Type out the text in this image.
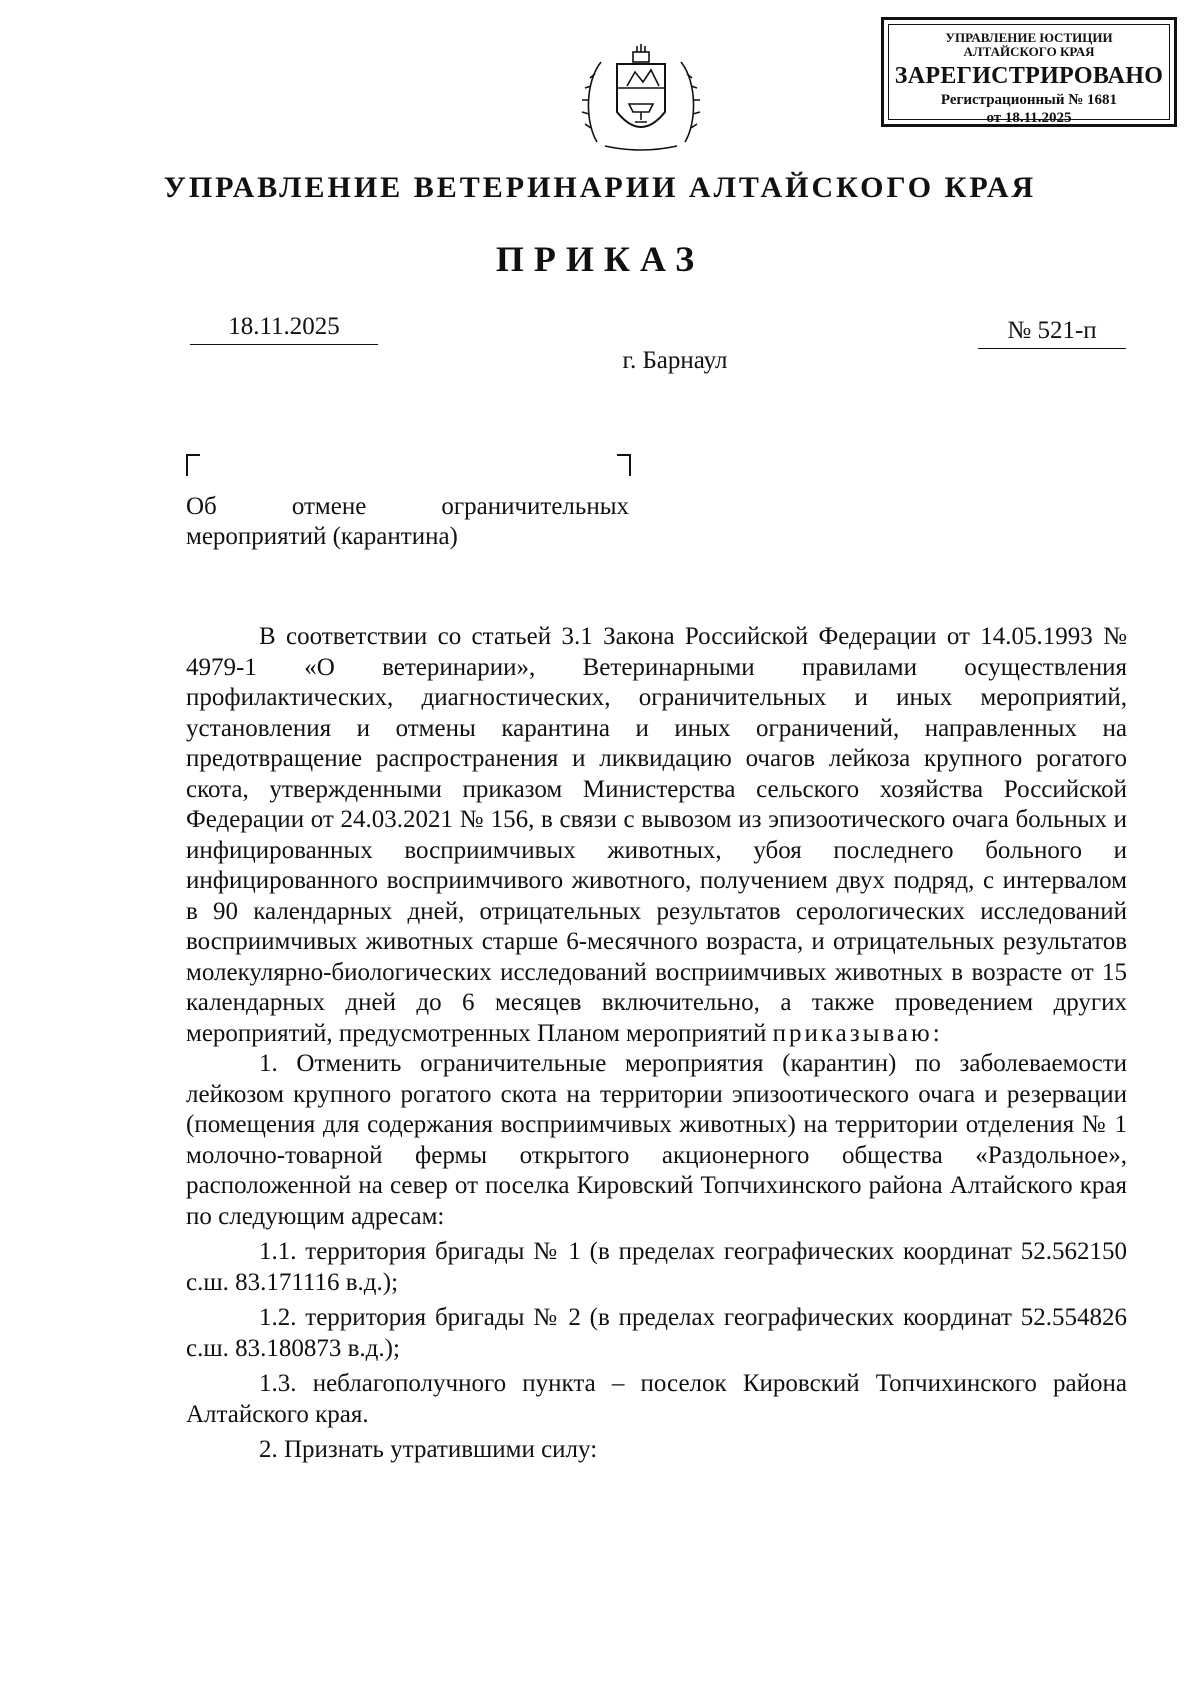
УПРАВЛЕНИЕ ЮСТИЦИИ
АЛТАЙСКОГО КРАЯ
ЗАРЕГИСТРИРОВАНО
Регистрационный № 1681
от 18.11.2025
УПРАВЛЕНИЕ ВЕТЕРИНАРИИ АЛТАЙСКОГО КРАЯ
ПРИКАЗ
18.11.2025	№ 521-п
г. Барнаул
Об отмене ограничительных
мероприятий (карантина)

В соответствии со статьей 3.1 Закона Российской Федерации от 14.05.1993 № 4979-1 «О ветеринарии», Ветеринарными правилами осуществления профилактических, диагностических, ограничительных и иных мероприятий, установления и отмены карантина и иных ограничений, направленных на предотвращение распространения и ликвидацию очагов лейкоза крупного рогатого скота, утвержденными приказом Министерства сельского хозяйства Российской Федерации от 24.03.2021 № 156, в связи с вывозом из эпизоотического очага больных и инфицированных восприимчивых животных, убоя последнего больного и инфицированного восприимчивого животного, получением двух подряд, с интервалом в 90 календарных дней, отрицательных результатов серологических исследований восприимчивых животных старше 6-месячного возраста, и отрицательных результатов молекулярно-биологических исследований восприимчивых животных в возрасте от 15 календарных дней до 6 месяцев включительно, а также проведением других мероприятий, предусмотренных Планом мероприятий приказываю:

1. Отменить ограничительные мероприятия (карантин) по заболеваемости лейкозом крупного рогатого скота на территории эпизоотического очага и резервации (помещения для содержания восприимчивых животных) на территории отделения № 1 молочно-товарной фермы открытого акционерного общества «Раздольное», расположенной на север от поселка Кировский Топчихинского района Алтайского края по следующим адресам:

1.1. территория бригады № 1 (в пределах географических координат 52.562150 с.ш. 83.171116 в.д.);

1.2. территория бригады № 2 (в пределах географических координат 52.554826 с.ш. 83.180873 в.д.);

1.3. неблагополучного пункта – поселок Кировский Топчихинского района Алтайского края.

2. Признать утратившими силу:
